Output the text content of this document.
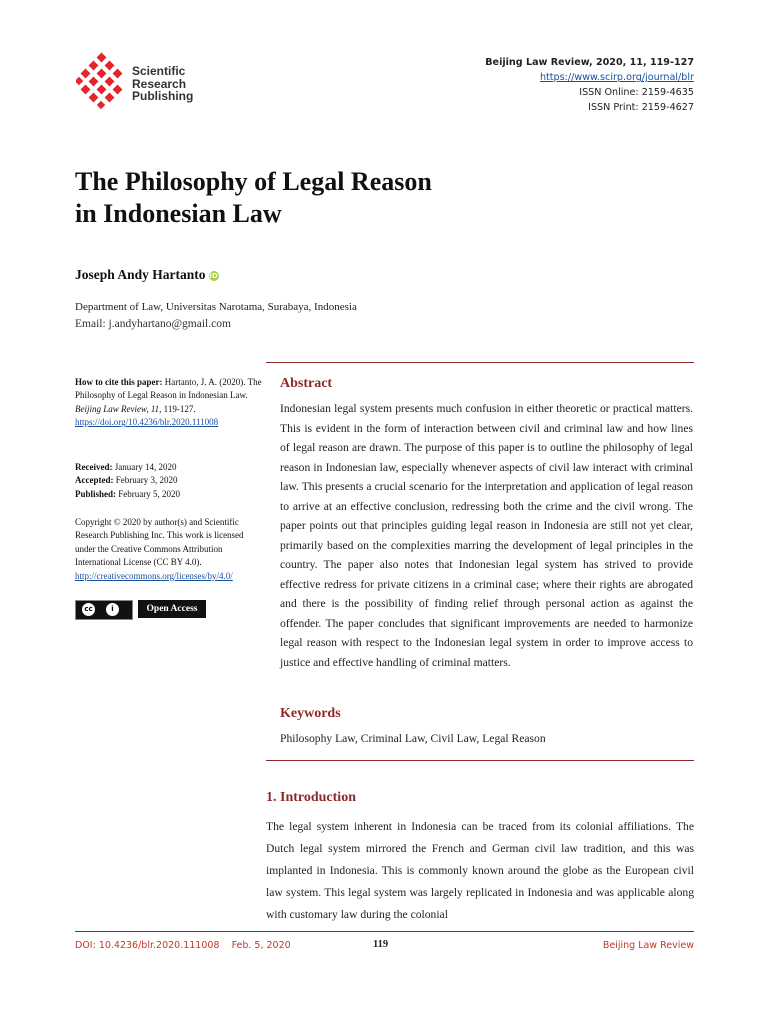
Scientific
Research
Publishing
Beijing Law Review, 2020, 11, 119-127
https://www.scirp.org/journal/blr
ISSN Online: 2159-4635
ISSN Print: 2159-4627
The Philosophy of Legal Reason
in Indonesian Law
Joseph Andy Hartanto iD
Department of Law, Universitas Narotama, Surabaya, Indonesia
Email: j.andyhartano@gmail.com
How to cite this paper: Hartanto, J. A. (2020). The Philosophy of Legal Reason in Indonesian Law. Beijing Law Review, 11, 119-127.
https://doi.org/10.4236/blr.2020.111008
Received: January 14, 2020
Accepted: February 3, 2020
Published: February 5, 2020
Copyright © 2020 by author(s) and Scientific Research Publishing Inc. This work is licensed under the Creative Commons Attribution International License (CC BY 4.0).
http://creativecommons.org/licenses/by/4.0/
cc	i	Open Access
Abstract
Indonesian legal system presents much confusion in either theoretic or practical matters. This is evident in the form of interaction between civil and criminal law and how lines of legal reason are drawn. The purpose of this paper is to outline the philosophy of legal reason in Indonesian law, especially whenever aspects of civil law interact with criminal law. This presents a crucial scenario for the interpretation and application of legal reason to arrive at an effective conclusion, redressing both the crime and the civil wrong. The paper points out that principles guiding legal reason in Indonesia are still not yet clear, primarily based on the complexities marring the development of legal principles in the country. The paper also notes that Indonesian legal system has strived to provide effective redress for private citizens in a criminal case; where their rights are abrogated and there is the possibility of finding relief through personal action as against the offender. The paper concludes that significant improvements are needed to harmonize legal reason with respect to the Indonesian legal system in order to improve access to justice and effective handling of criminal matters.
Keywords
Philosophy Law, Criminal Law, Civil Law, Legal Reason
1. Introduction
The legal system inherent in Indonesia can be traced from its colonial affiliations. The Dutch legal system mirrored the French and German civil law tradition, and this was implanted in Indonesia. This is commonly known around the globe as the European civil law system. This legal system was largely replicated in Indonesia and was applicable along with customary law during the colonial
DOI: 10.4236/blr.2020.111008    Feb. 5, 2020	119	Beijing Law Review
